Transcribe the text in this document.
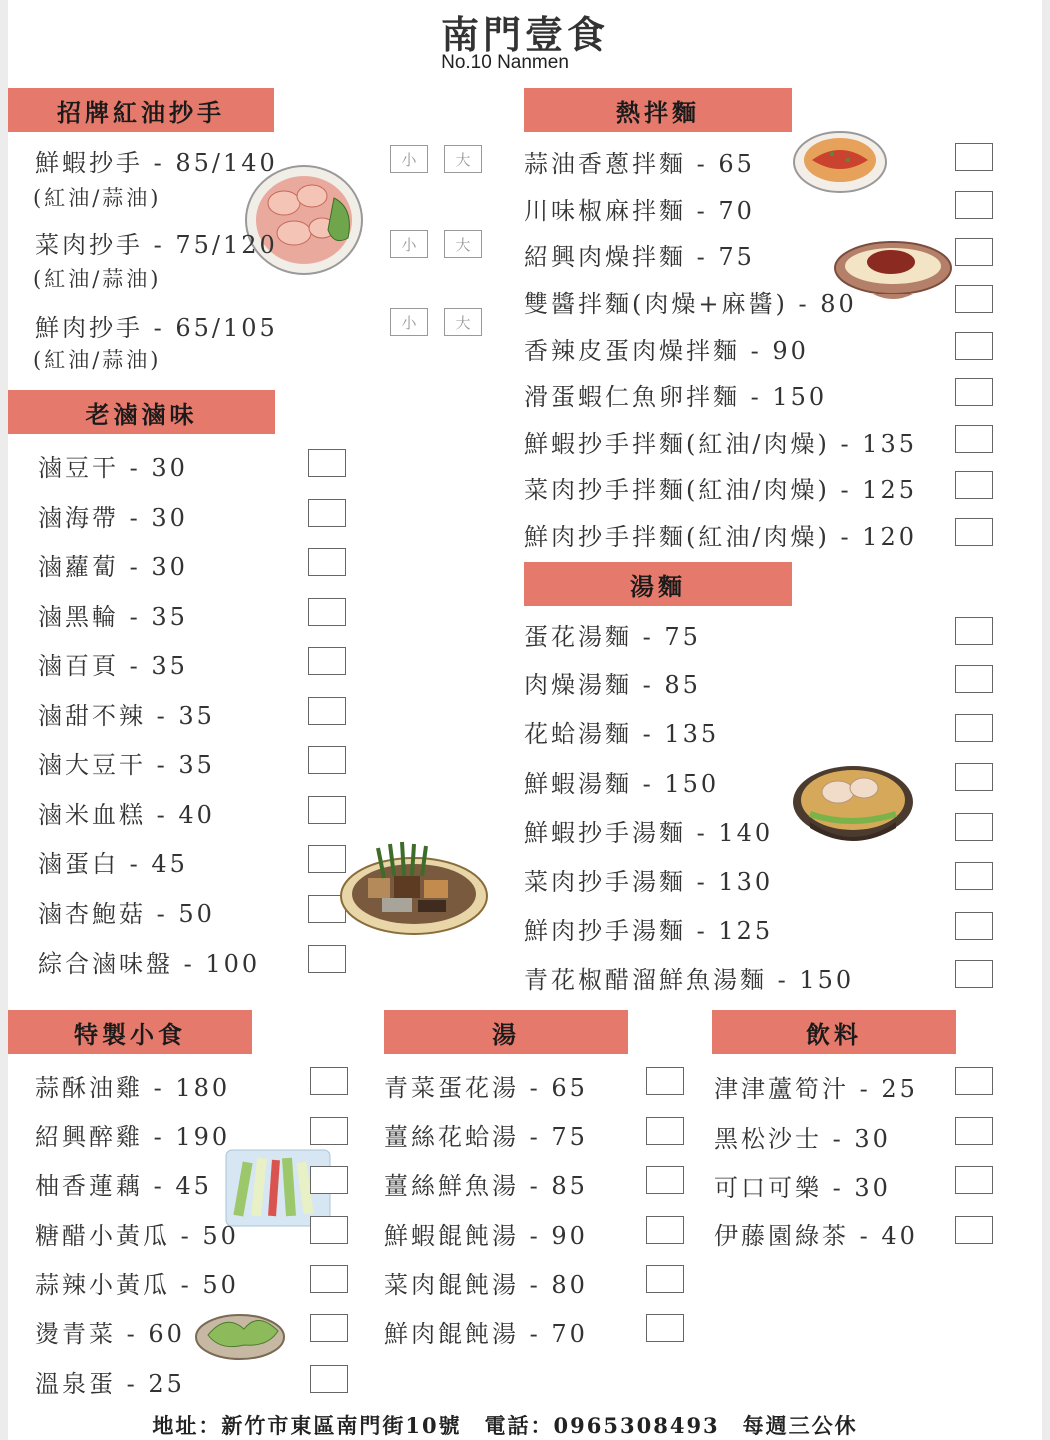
南門壹食
No.10 Nanmen
招牌紅油抄手
鮮蝦抄手 - 85/140
(紅油/蒜油)
小	大
菜肉抄手 - 75/120
(紅油/蒜油)
小	大
鮮肉抄手 - 65/105
(紅油/蒜油)
小	大
老滷滷味
滷豆干 - 30
滷海帶 - 30
滷蘿蔔 - 30
滷黑輪 - 35
滷百頁 - 35
滷甜不辣 - 35
滷大豆干 - 35
滷米血糕 - 40
滷蛋白 - 45
滷杏鮑菇 - 50
綜合滷味盤 - 100
熱拌麵
蒜油香蔥拌麵 - 65
川味椒麻拌麵 - 70
紹興肉燥拌麵 - 75
雙醬拌麵(肉燥+麻醬) - 80
香辣皮蛋肉燥拌麵 - 90
滑蛋蝦仁魚卵拌麵 - 150
鮮蝦抄手拌麵(紅油/肉燥) - 135
菜肉抄手拌麵(紅油/肉燥) - 125
鮮肉抄手拌麵(紅油/肉燥) - 120
湯麵
蛋花湯麵 - 75
肉燥湯麵 - 85
花蛤湯麵 - 135
鮮蝦湯麵 - 150
鮮蝦抄手湯麵 - 140
菜肉抄手湯麵 - 130
鮮肉抄手湯麵 - 125
青花椒醋溜鮮魚湯麵 - 150
特製小食
蒜酥油雞 - 180
紹興醉雞 - 190
柚香蓮藕 - 45
糖醋小黃瓜 - 50
蒜辣小黃瓜 - 50
燙青菜 - 60
溫泉蛋 - 25
湯
青菜蛋花湯 - 65
薑絲花蛤湯 - 75
薑絲鮮魚湯 - 85
鮮蝦餛飩湯 - 90
菜肉餛飩湯 - 80
鮮肉餛飩湯 - 70
飲料
津津蘆筍汁 - 25
黑松沙士 - 30
可口可樂 - 30
伊藤園綠茶 - 40
地址：新竹市東區南門街10號　電話：0965308493　每週三公休
